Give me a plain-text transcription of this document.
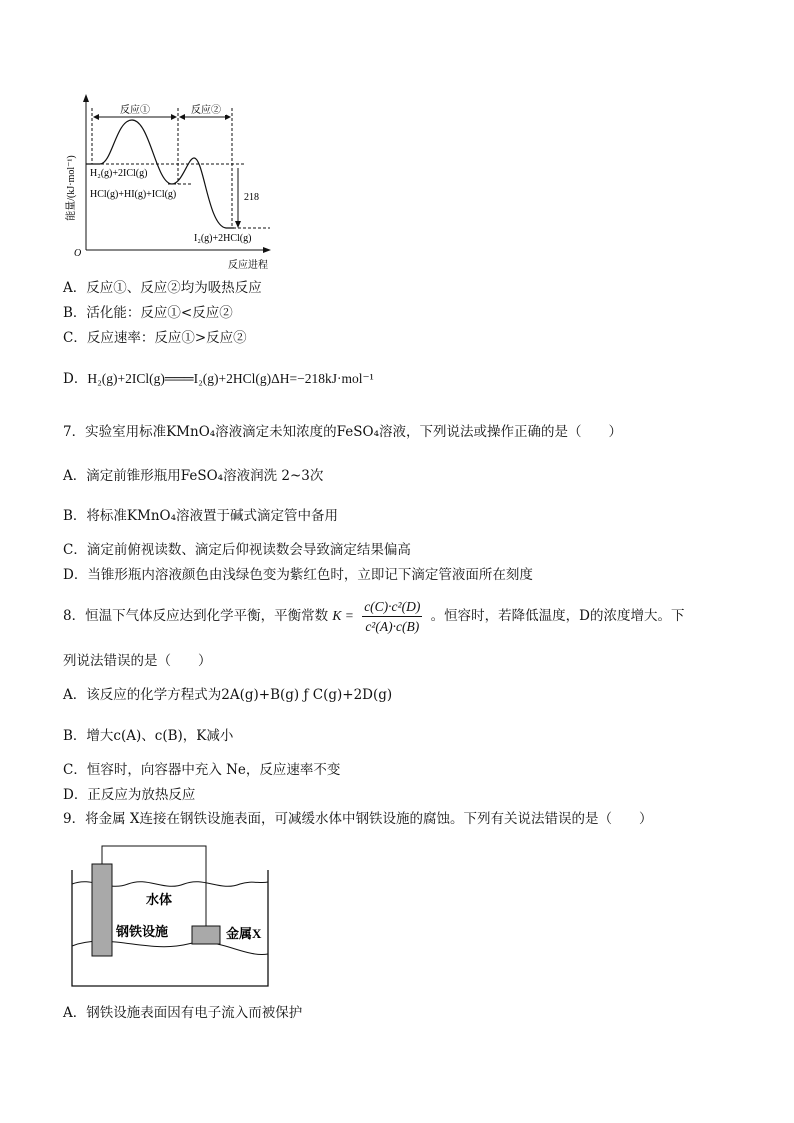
O
能量/(kJ·mol⁻¹)
反应进程
反应①	反应②
218
H₂(g)+2ICl(g)
HCl(g)+HI(g)+ICl(g)
I₂(g)+2HCl(g)
A．反应①、反应②均为吸热反应
B．活化能：反应①<反应②
C．反应速率：反应①>反应②
D．H₂(g)+2ICl(g)═══I₂(g)+2HCl(g)ΔH=−218kJ·mol⁻¹
7．实验室用标准KMnO₄溶液滴定未知浓度的FeSO₄溶液，下列说法或操作正确的是（　　）
A．滴定前锥形瓶用FeSO₄溶液润洗 2~3次
B．将标准KMnO₄溶液置于碱式滴定管中备用
C．滴定前俯视读数、滴定后仰视读数会导致滴定结果偏高
D．当锥形瓶内溶液颜色由浅绿色变为紫红色时，立即记下滴定管液面所在刻度
8．恒温下气体反应达到化学平衡，平衡常数 $K = \frac{\text{c(C)·c²(D)}}{\text{c²(A)·c(B)}}$ 。恒容时，若降低温度，D的浓度增大。下
列说法错误的是（　　）
A．该反应的化学方程式为2A(g)+B(g) ƒ C(g)+2D(g)
B．增大c(A)、c(B)，K减小
C．恒容时，向容器中充入 Ne，反应速率不变
D．正反应为放热反应
9．将金属 X连接在钢铁设施表面，可减缓水体中钢铁设施的腐蚀。下列有关说法错误的是（　　）
水体
钢铁设施	金属X
A．钢铁设施表面因有电子流入而被保护
